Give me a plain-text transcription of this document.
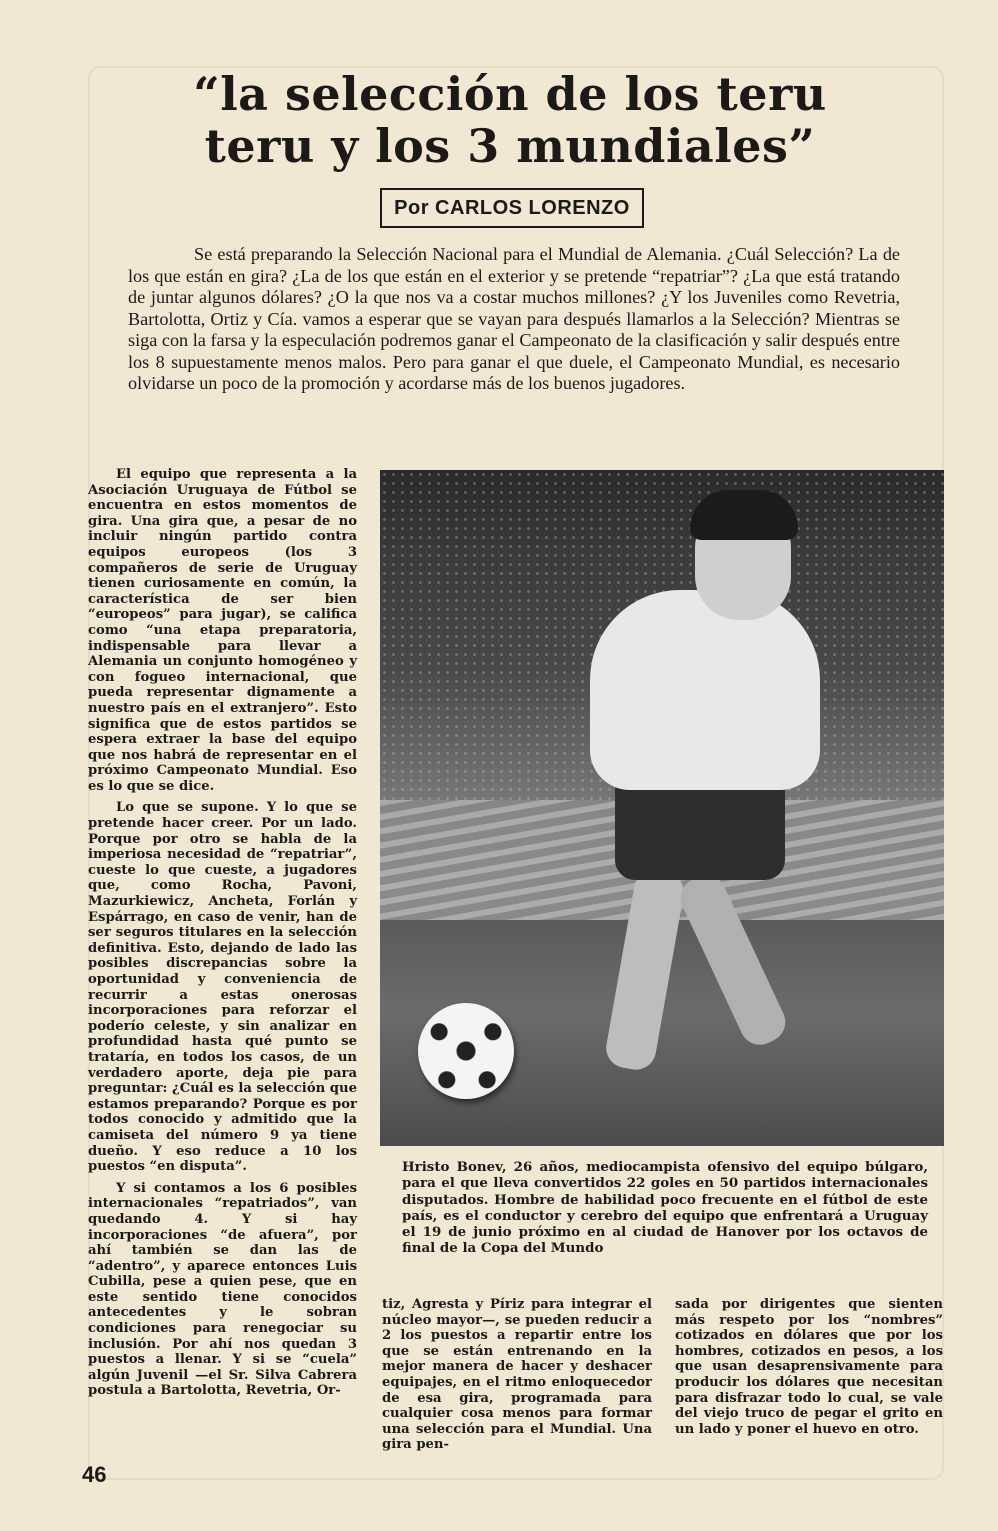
“la selección de los teru teru y los 3 mundiales”
Por CARLOS LORENZO

Se está preparando la Selección Nacional para el Mundial de Alemania. ¿Cuál Selección? La de los que están en gira? ¿La de los que están en el exterior y se pretende “repatriar”? ¿La que está tratando de juntar algunos dólares? ¿O la que nos va a costar muchos millones? ¿Y los Juveniles como Revetria, Bartolotta, Ortiz y Cía. vamos a esperar que se vayan para después llamarlos a la Selección? Mientras se siga con la farsa y la especulación podremos ganar el Campeonato de la clasificación y salir después entre los 8 supuestamente menos malos. Pero para ganar el que duele, el Campeonato Mundial, es necesario olvidarse un poco de la promoción y acordarse más de los buenos jugadores.

El equipo que representa a la Asociación Uruguaya de Fútbol se encuentra en estos momentos de gira. Una gira que, a pesar de no incluir ningún partido contra equipos europeos (los 3 compañeros de serie de Uruguay tienen curiosamente en común, la característica de ser bien “europeos” para jugar), se califica como “una etapa preparatoria, indispensable para llevar a Alemania un conjunto homogéneo y con fogueo internacional, que pueda representar dignamente a nuestro país en el extranjero”. Esto significa que de estos partidos se espera extraer la base del equipo que nos habrá de representar en el próximo Campeonato Mundial. Eso es lo que se dice.

Lo que se supone. Y lo que se pretende hacer creer. Por un lado. Porque por otro se habla de la imperiosa necesidad de “repatriar”, cueste lo que cueste, a jugadores que, como Rocha, Pavoni, Mazurkiewicz, Ancheta, Forlán y Espárrago, en caso de venir, han de ser seguros titulares en la selección definitiva. Esto, dejando de lado las posibles discrepancias sobre la oportunidad y conveniencia de recurrir a estas onerosas incorporaciones para reforzar el poderío celeste, y sin analizar en profundidad hasta qué punto se trataría, en todos los casos, de un verdadero aporte, deja pie para preguntar: ¿Cuál es la selección que estamos preparando? Porque es por todos conocido y admitido que la camiseta del número 9 ya tiene dueño. Y eso reduce a 10 los puestos “en disputa”.

Y si contamos a los 6 posibles internacionales “repatriados”, van quedando 4. Y si hay incorporaciones “de afuera”, por ahí también se dan las de “adentro”, y aparece entonces Luis Cubilla, pese a quien pese, que en este sentido tiene conocidos antecedentes y le sobran condiciones para renegociar su inclusión. Por ahí nos quedan 3 puestos a llenar. Y si se “cuela” algún Juvenil —el Sr. Silva Cabrera postula a Bartolotta, Revetria, Or-

Hristo Bonev, 26 años, mediocampista ofensivo del equipo búlgaro, para el que lleva convertidos 22 goles en 50 partidos internacionales disputados. Hombre de habilidad poco frecuente en el fútbol de este país, es el conductor y cerebro del equipo que enfrentará a Uruguay el 19 de junio próximo en al ciudad de Hanover por los octavos de final de la Copa del Mundo

tiz, Agresta y Píriz para integrar el núcleo mayor—, se pueden reducir a 2 los puestos a repartir entre los que se están entrenando en la mejor manera de hacer y deshacer equipajes, en el ritmo enloquecedor de esa gira, programada para cualquier cosa menos para formar una selección para el Mundial. Una gira pen-

sada por dirigentes que sienten más respeto por los “nombres” cotizados en dólares que por los hombres, cotizados en pesos, a los que usan desaprensivamente para producir los dólares que necesitan para disfrazar todo lo cual, se vale del viejo truco de pegar el grito en un lado y poner el huevo en otro.

46
